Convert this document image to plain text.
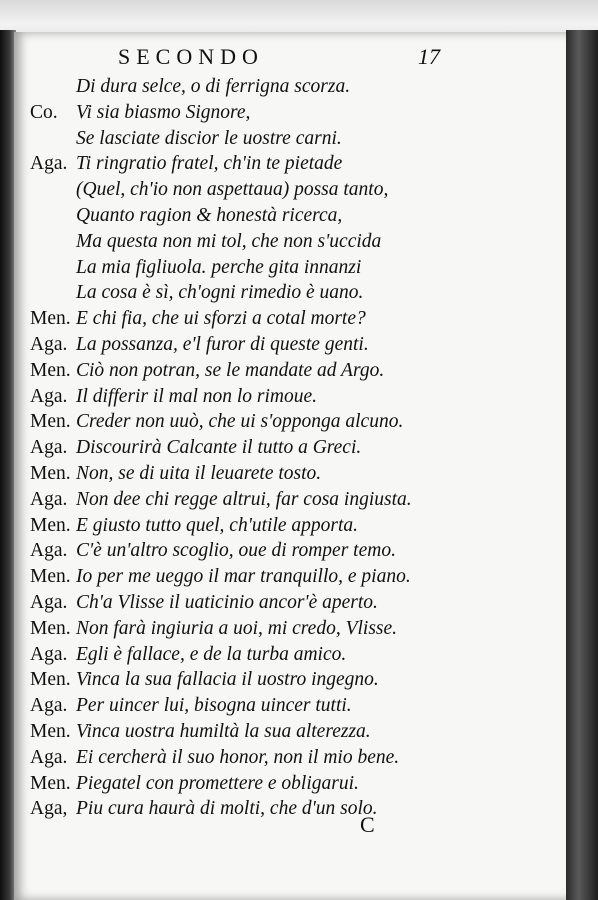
SECONDO	17
Di dura selce, o di ferrigna scorza.
Co. Vi sia biasmo Signore,
Se lasciate discior le uostre carni.
Aga. Ti ringratio fratel, ch'in te pietade
(Quel, ch'io non aspettaua) possa tanto,
Quanto ragion & honestà ricerca,
Ma questa non mi tol, che non s'uccida
La mia figliuola. perche gita innanzi
La cosa è sì, ch'ogni rimedio è uano.
Men. E chi fia, che ui sforzi a cotal morte?
Aga. La possanza, e'l furor di queste genti.
Men. Ciò non potran, se le mandate ad Argo.
Aga. Il differir il mal non lo rimoue.
Men. Creder non uuò, che ui s'opponga alcuno.
Aga. Discourirà Calcante il tutto a Greci.
Men. Non, se di uita il leuarete tosto.
Aga. Non dee chi regge altrui, far cosa ingiusta.
Men. E giusto tutto quel, ch'utile apporta.
Aga. C'è un'altro scoglio, oue di romper temo.
Men. Io per me ueggo il mar tranquillo, e piano.
Aga. Ch'a Vlisse il uaticinio ancor'è aperto.
Men. Non farà ingiuria a uoi, mi credo, Vlisse.
Aga. Egli è fallace, e de la turba amico.
Men. Vinca la sua fallacia il uostro ingegno.
Aga. Per uincer lui, bisogna uincer tutti.
Men. Vinca uostra humiltà la sua alterezza.
Aga. Ei cercherà il suo honor, non il mio bene.
Men. Piegatel con promettere e obligarui.
Aga, Piu cura haurà di molti, che d'un solo.
C
